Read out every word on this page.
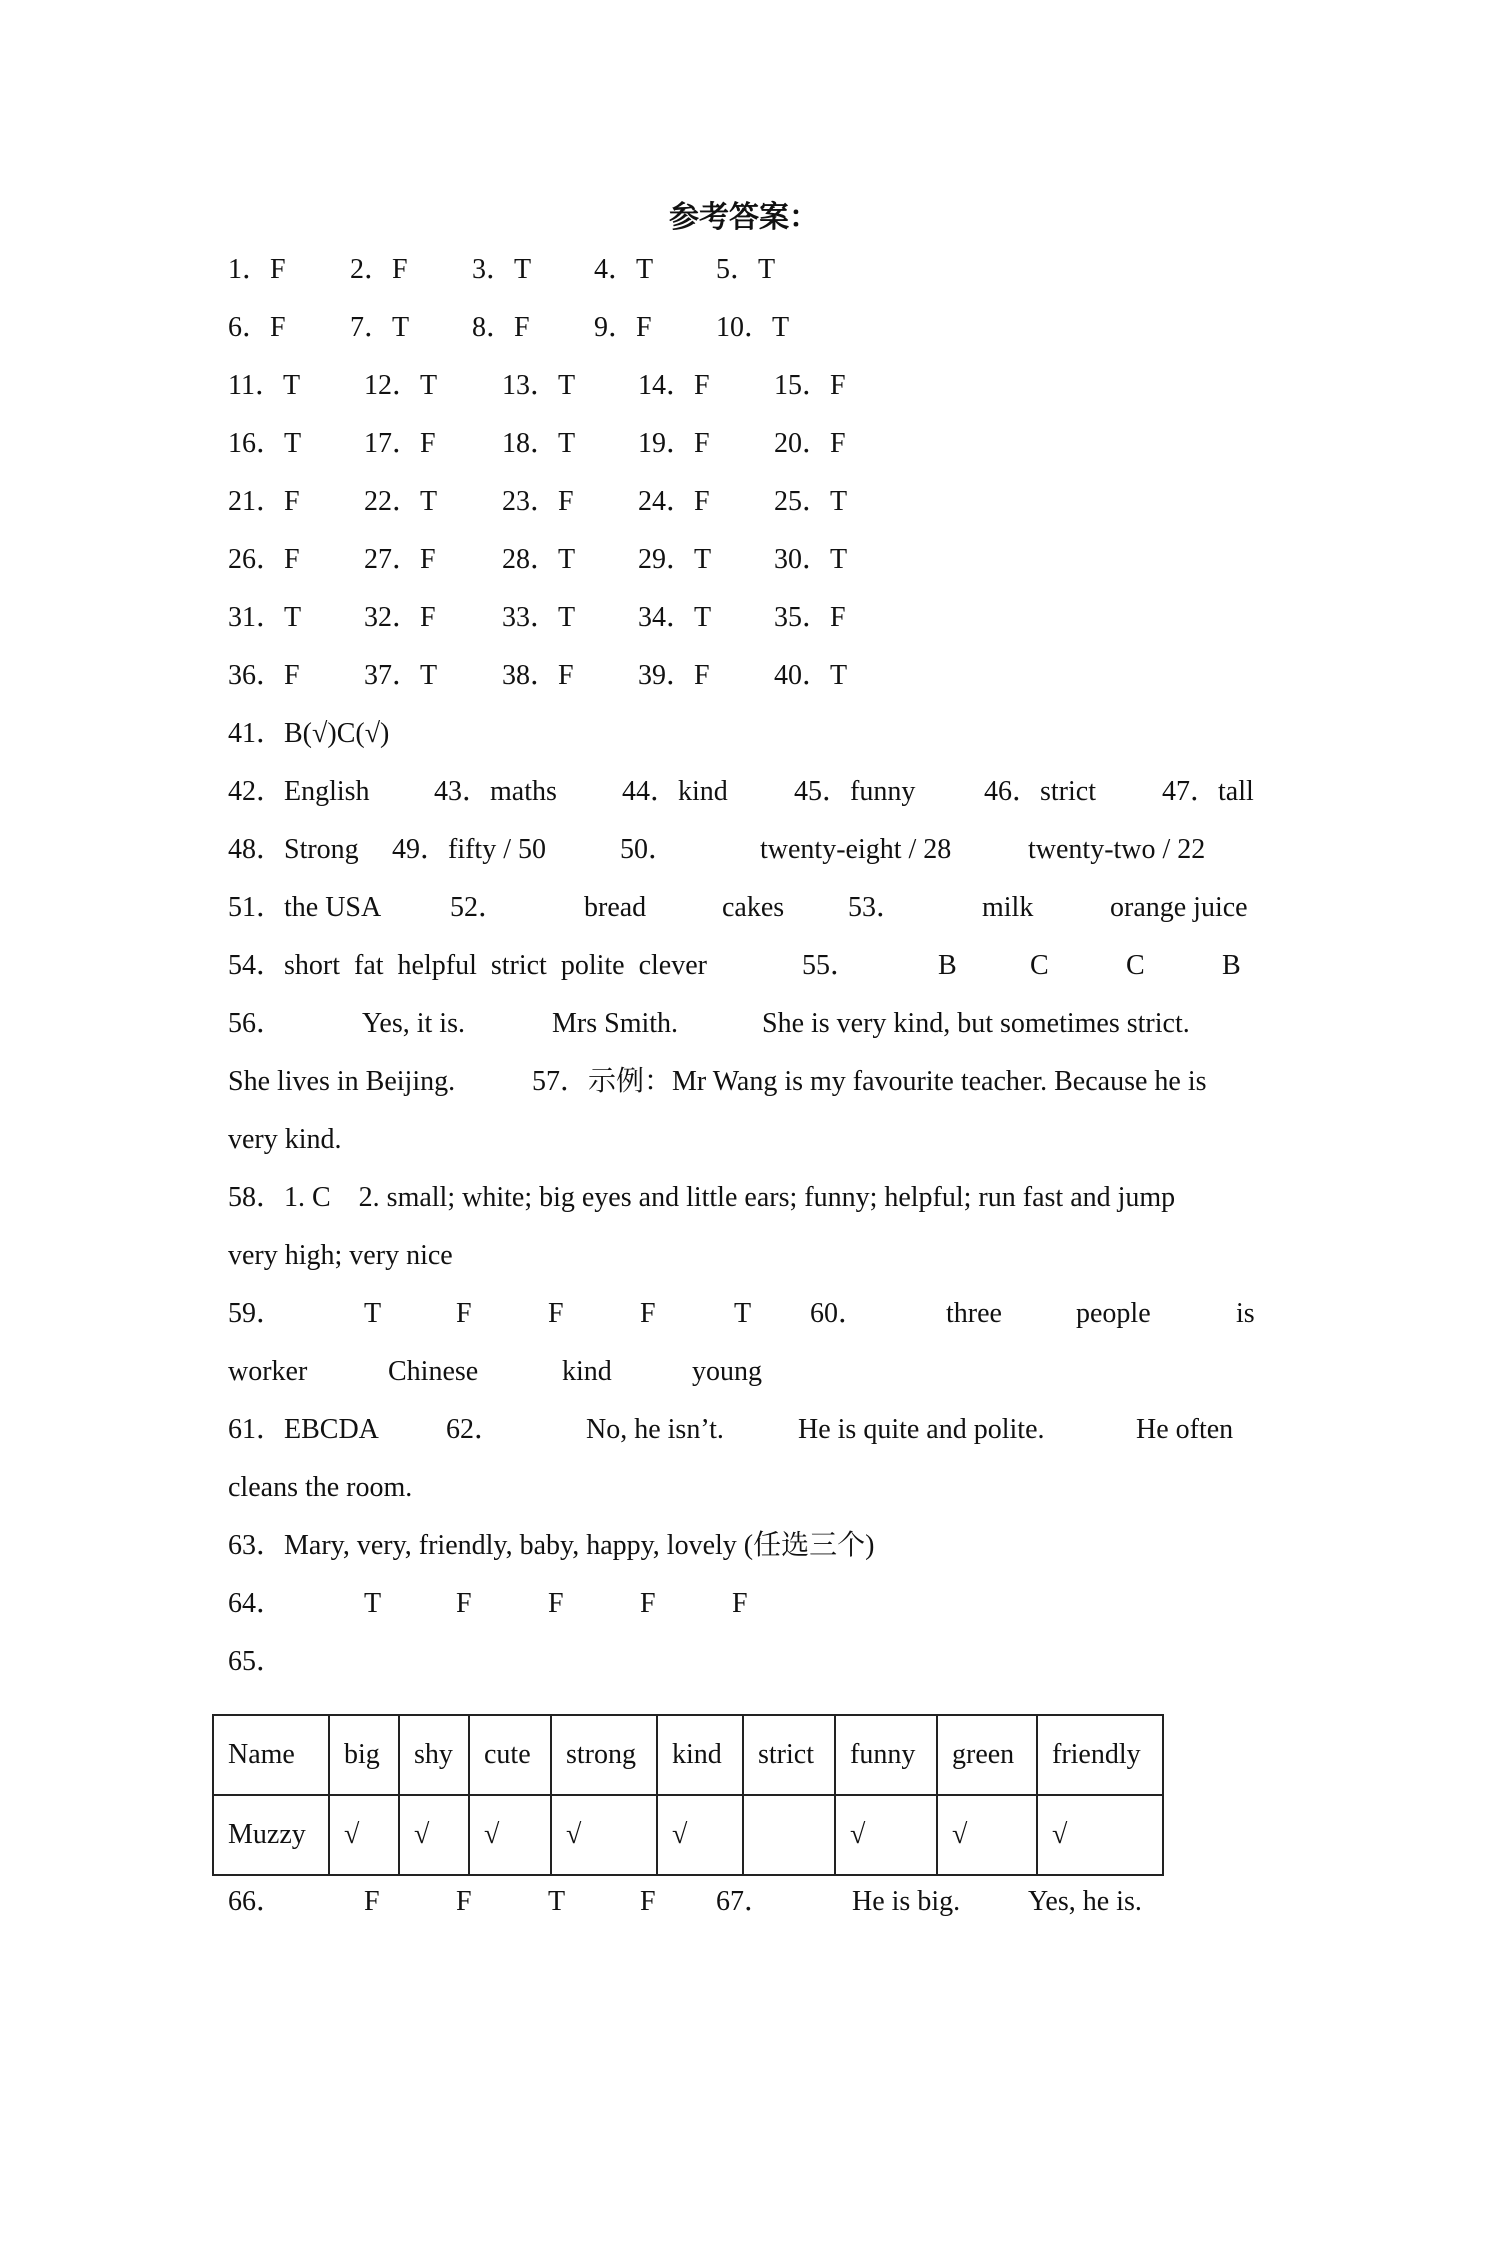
参考答案：

1．F

2．F

3．T

4．T

5．T

6．F

7．T

8．F

9．F

10．T

11．T

12．T

13．T

14．F

15．F

16．T

17．F

18．T

19．F

20．F

21．F

22．T

23．F

24．F

25．T

26．F

27．F

28．T

29．T

30．T

31．T

32．F

33．T

34．T

35．F

36．F

37．T

38．F

39．F

40．T

41．B(√)C(√)

42．English

43．maths

44．kind

45．funny

46．strict

47．tall

48．Strong

49．fifty / 50

	50．

	twenty-eight / 28

	twenty-two / 22

51．the USA

52．

	bread

	cakes

53．

	milk

	orange juice

54．short  fat  helpful  strict  polite  clever

	55．

	B

	C

	C

	B

56．

	Yes, it is.

	Mrs Smith.

	She is very kind, but sometimes strict.

She lives in Beijing.

	57．示例：Mr Wang is my favourite teacher. Because he is

very kind.

58．1. C    2. small; white; big eyes and little ears; funny; helpful; run fast and jump

very high; very nice

59．

	T

	F

	F

	F

	T

60．

	three

	people

	is

worker

	Chinese

	kind

	young

61．EBCDA

62．

	No, he isn’t.

	He is quite and polite.

	He often

cleans the room.

63．Mary, very, friendly, baby, happy, lovely (任选三个)

64．

	T

	F

	F

	F

	F

65．

Name	big	shy	cute	strong	kind	strict	funny	green	friendly
Muzzy	√	√	√	√	√		√	√	√

66．

	F

	F

	T

	F

67．

	He is big.

Yes, he is.
